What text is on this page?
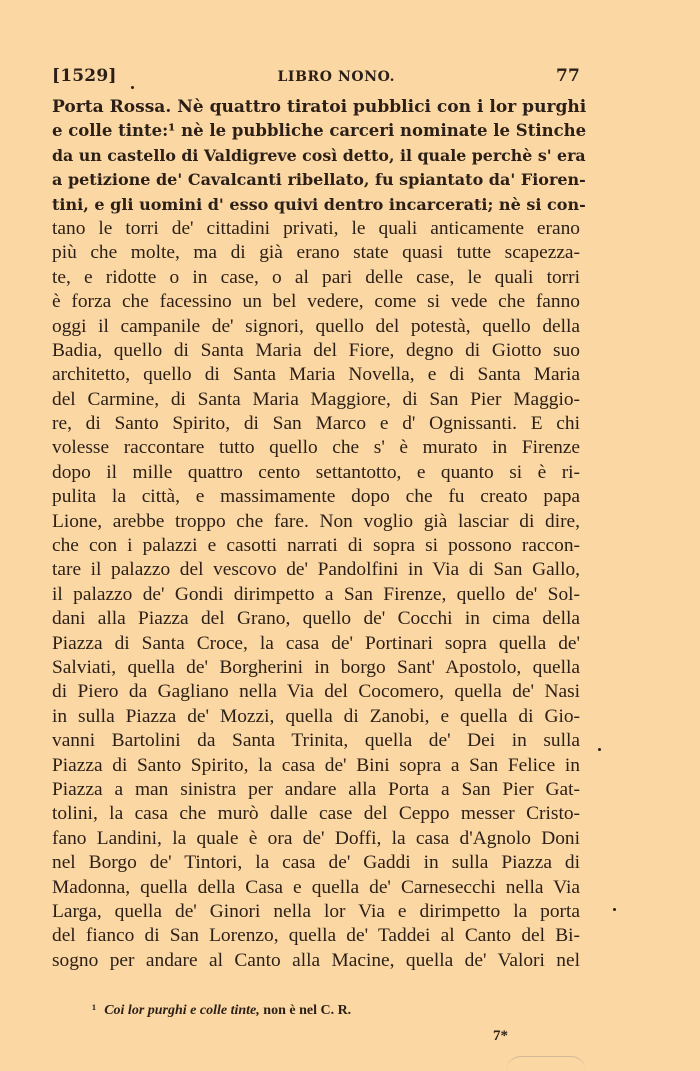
[1529]	LIBRO NONO.	77
Porta Rossa. Nè quattro tiratoi pubblici con i lor purghi
e colle tinte:¹ nè le pubbliche carceri nominate le Stinche
da un castello di Valdigreve così detto, il quale perchè s' era
a petizione de' Cavalcanti ribellato, fu spiantato da' Fioren-
tini, e gli uomini d' esso quivi dentro incarcerati; nè si con-
tano le torri de' cittadini privati, le quali anticamente erano
più che molte, ma di già erano state quasi tutte scapezza-
te, e ridotte o in case, o al pari delle case, le quali torri
è forza che facessino un bel vedere, come si vede che fanno
oggi il campanile de' signori, quello del potestà, quello della
Badia, quello di Santa Maria del Fiore, degno di Giotto suo
architetto, quello di Santa Maria Novella, e di Santa Maria
del Carmine, di Santa Maria Maggiore, di San Pier Maggio-
re, di Santo Spirito, di San Marco e d' Ognissanti. E chi
volesse raccontare tutto quello che s' è murato in Firenze
dopo il mille quattro cento settantotto, e quanto si è ri-
pulita la città, e massimamente dopo che fu creato papa
Lione, arebbe troppo che fare. Non voglio già lasciar di dire,
che con i palazzi e casotti narrati di sopra si possono raccon-
tare il palazzo del vescovo de' Pandolfini in Via di San Gallo,
il palazzo de' Gondi dirimpetto a San Firenze, quello de' Sol-
dani alla Piazza del Grano, quello de' Cocchi in cima della
Piazza di Santa Croce, la casa de' Portinari sopra quella de'
Salviati, quella de' Borgherini in borgo Sant' Apostolo, quella
di Piero da Gagliano nella Via del Cocomero, quella de' Nasi
in sulla Piazza de' Mozzi, quella di Zanobi, e quella di Gio-
vanni Bartolini da Santa Trinita, quella de' Dei in sulla
Piazza di Santo Spirito, la casa de' Bini sopra a San Felice in
Piazza a man sinistra per andare alla Porta a San Pier Gat-
tolini, la casa che murò dalle case del Ceppo messer Cristo-
fano Landini, la quale è ora de' Doffi, la casa d'Agnolo Doni
nel Borgo de' Tintori, la casa de' Gaddi in sulla Piazza di
Madonna, quella della Casa e quella de' Carnesecchi nella Via
Larga, quella de' Ginori nella lor Via e dirimpetto la porta
del fianco di San Lorenzo, quella de' Taddei al Canto del Bi-
sogno per andare al Canto alla Macine, quella de' Valori nel
¹ Coi lor purghi e colle tinte, non è nel C. R.
7*
